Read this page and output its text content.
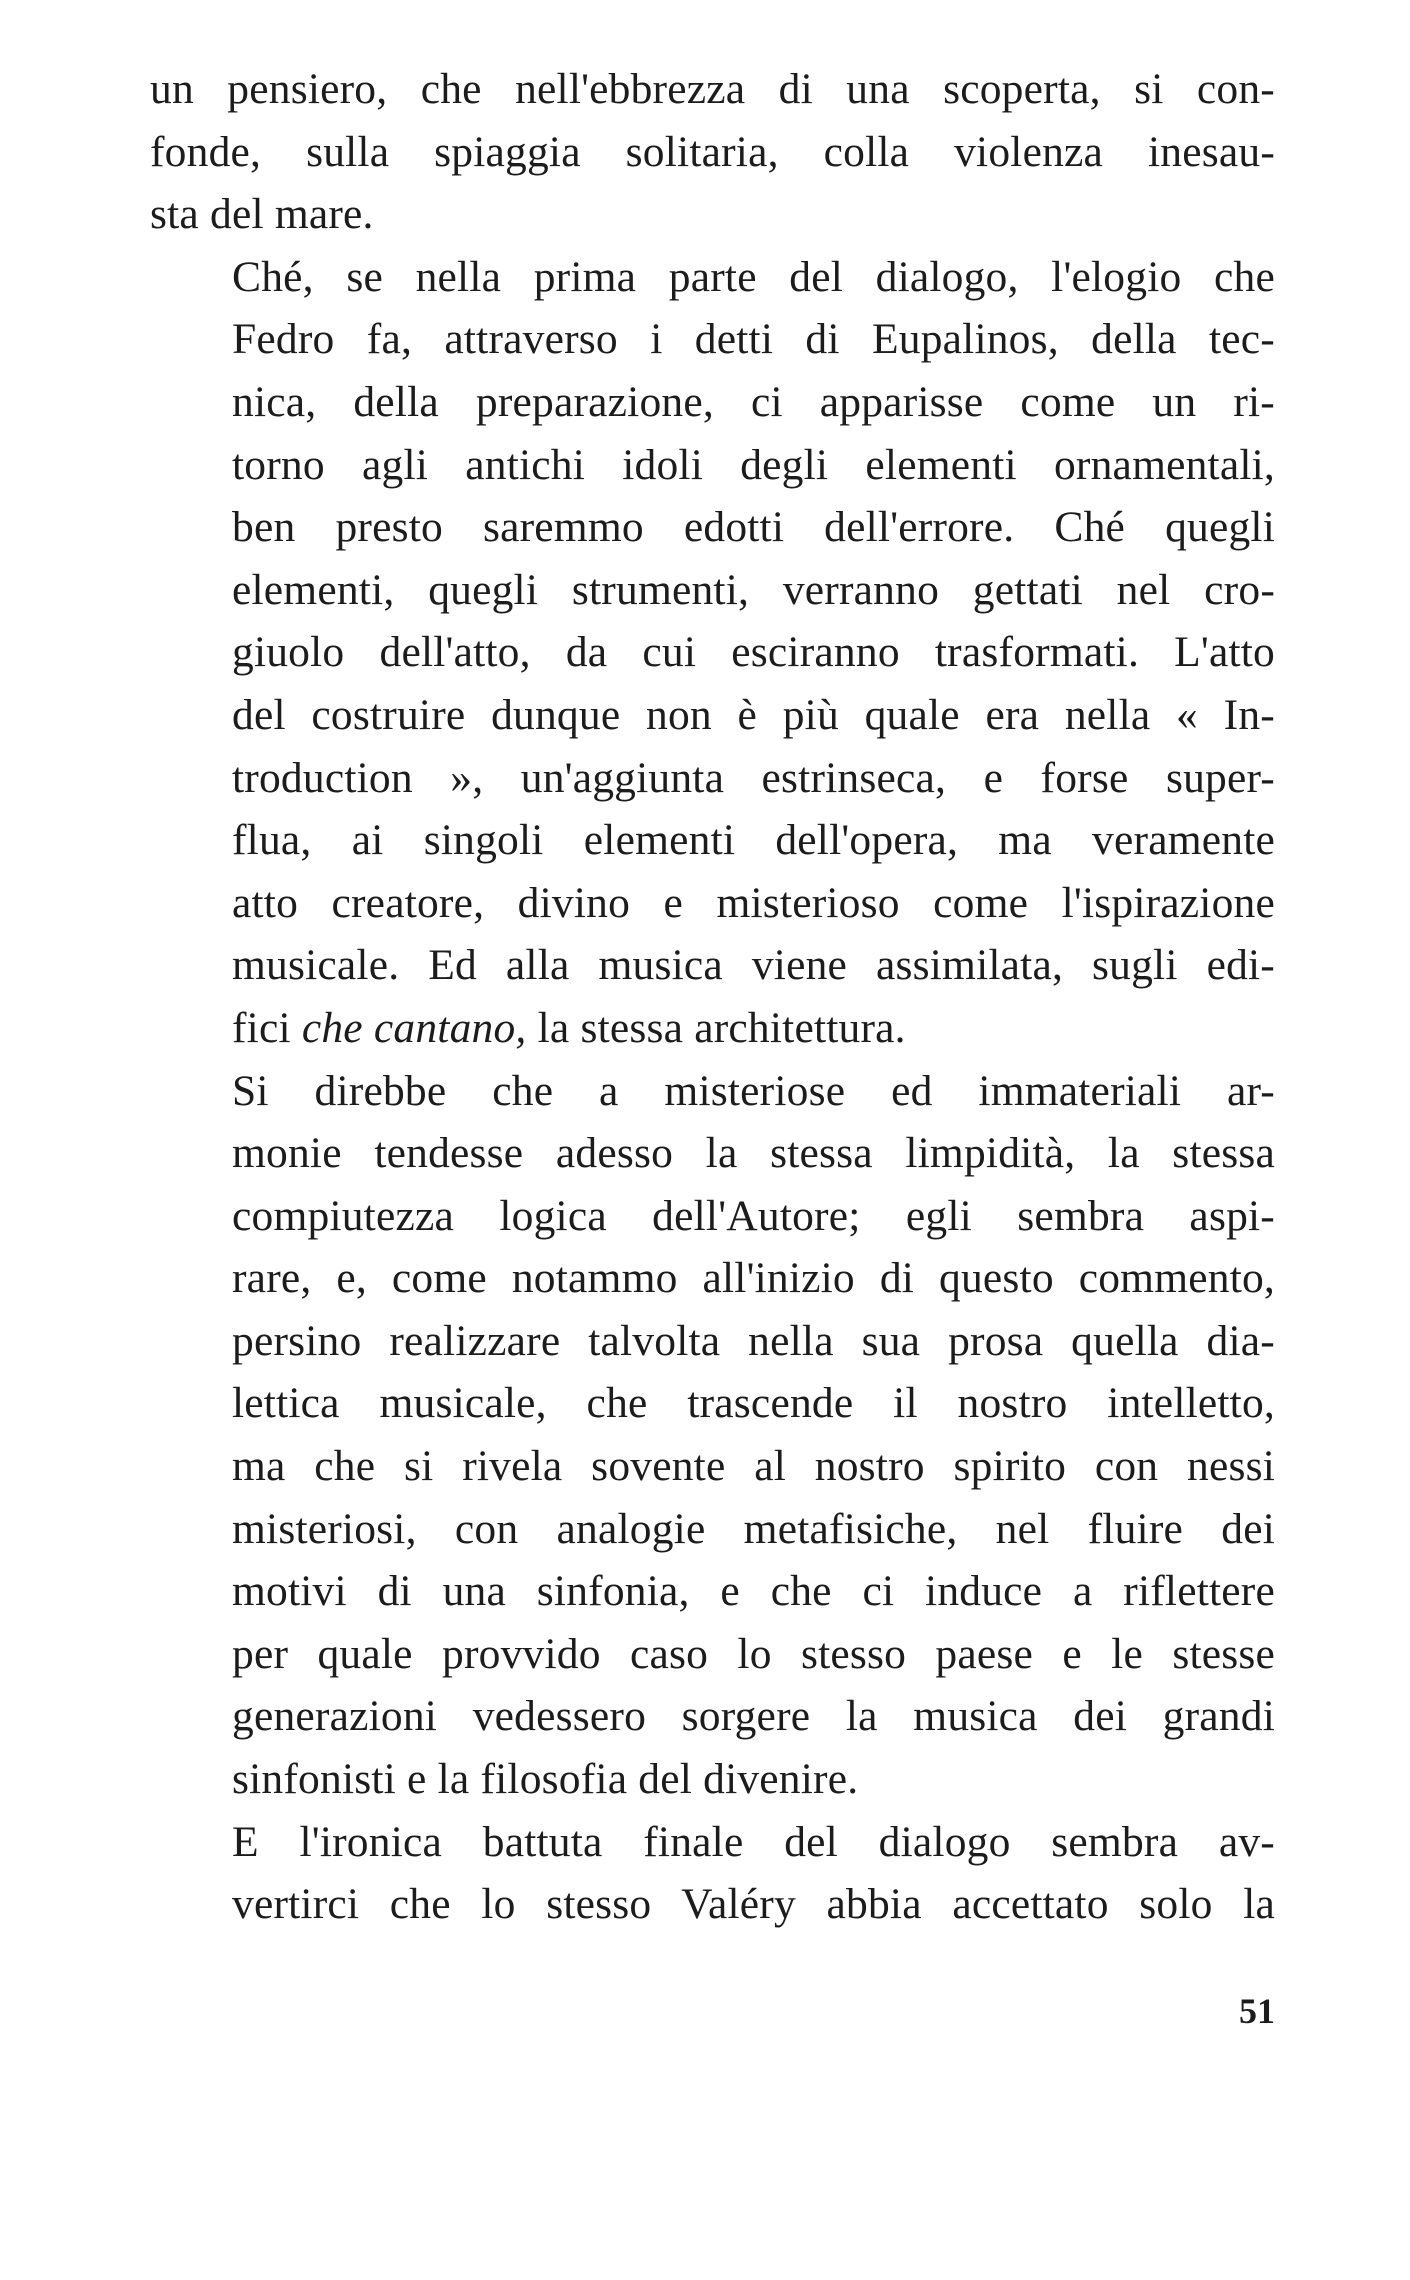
un pensiero, che nell'ebbrezza di una scoperta, si con-
fonde, sulla spiaggia solitaria, colla violenza inesau-
sta del mare.

Ché, se nella prima parte del dialogo, l'elogio che
Fedro fa, attraverso i detti di Eupalinos, della tec-
nica, della preparazione, ci apparisse come un ri-
torno agli antichi idoli degli elementi ornamentali,
ben presto saremmo edotti dell'errore. Ché quegli
elementi, quegli strumenti, verranno gettati nel cro-
giuolo dell'atto, da cui esciranno trasformati. L'atto
del costruire dunque non è più quale era nella « In-
troduction », un'aggiunta estrinseca, e forse super-
flua, ai singoli elementi dell'opera, ma veramente
atto creatore, divino e misterioso come l'ispirazione
musicale. Ed alla musica viene assimilata, sugli edi-
fici che cantano, la stessa architettura.

Si direbbe che a misteriose ed immateriali ar-
monie tendesse adesso la stessa limpidità, la stessa
compiutezza logica dell'Autore; egli sembra aspi-
rare, e, come notammo all'inizio di questo commento,
persino realizzare talvolta nella sua prosa quella dia-
lettica musicale, che trascende il nostro intelletto,
ma che si rivela sovente al nostro spirito con nessi
misteriosi, con analogie metafisiche, nel fluire dei
motivi di una sinfonia, e che ci induce a riflettere
per quale provvido caso lo stesso paese e le stesse
generazioni vedessero sorgere la musica dei grandi
sinfonisti e la filosofia del divenire.

E l'ironica battuta finale del dialogo sembra av-
vertirci che lo stesso Valéry abbia accettato solo la

51
